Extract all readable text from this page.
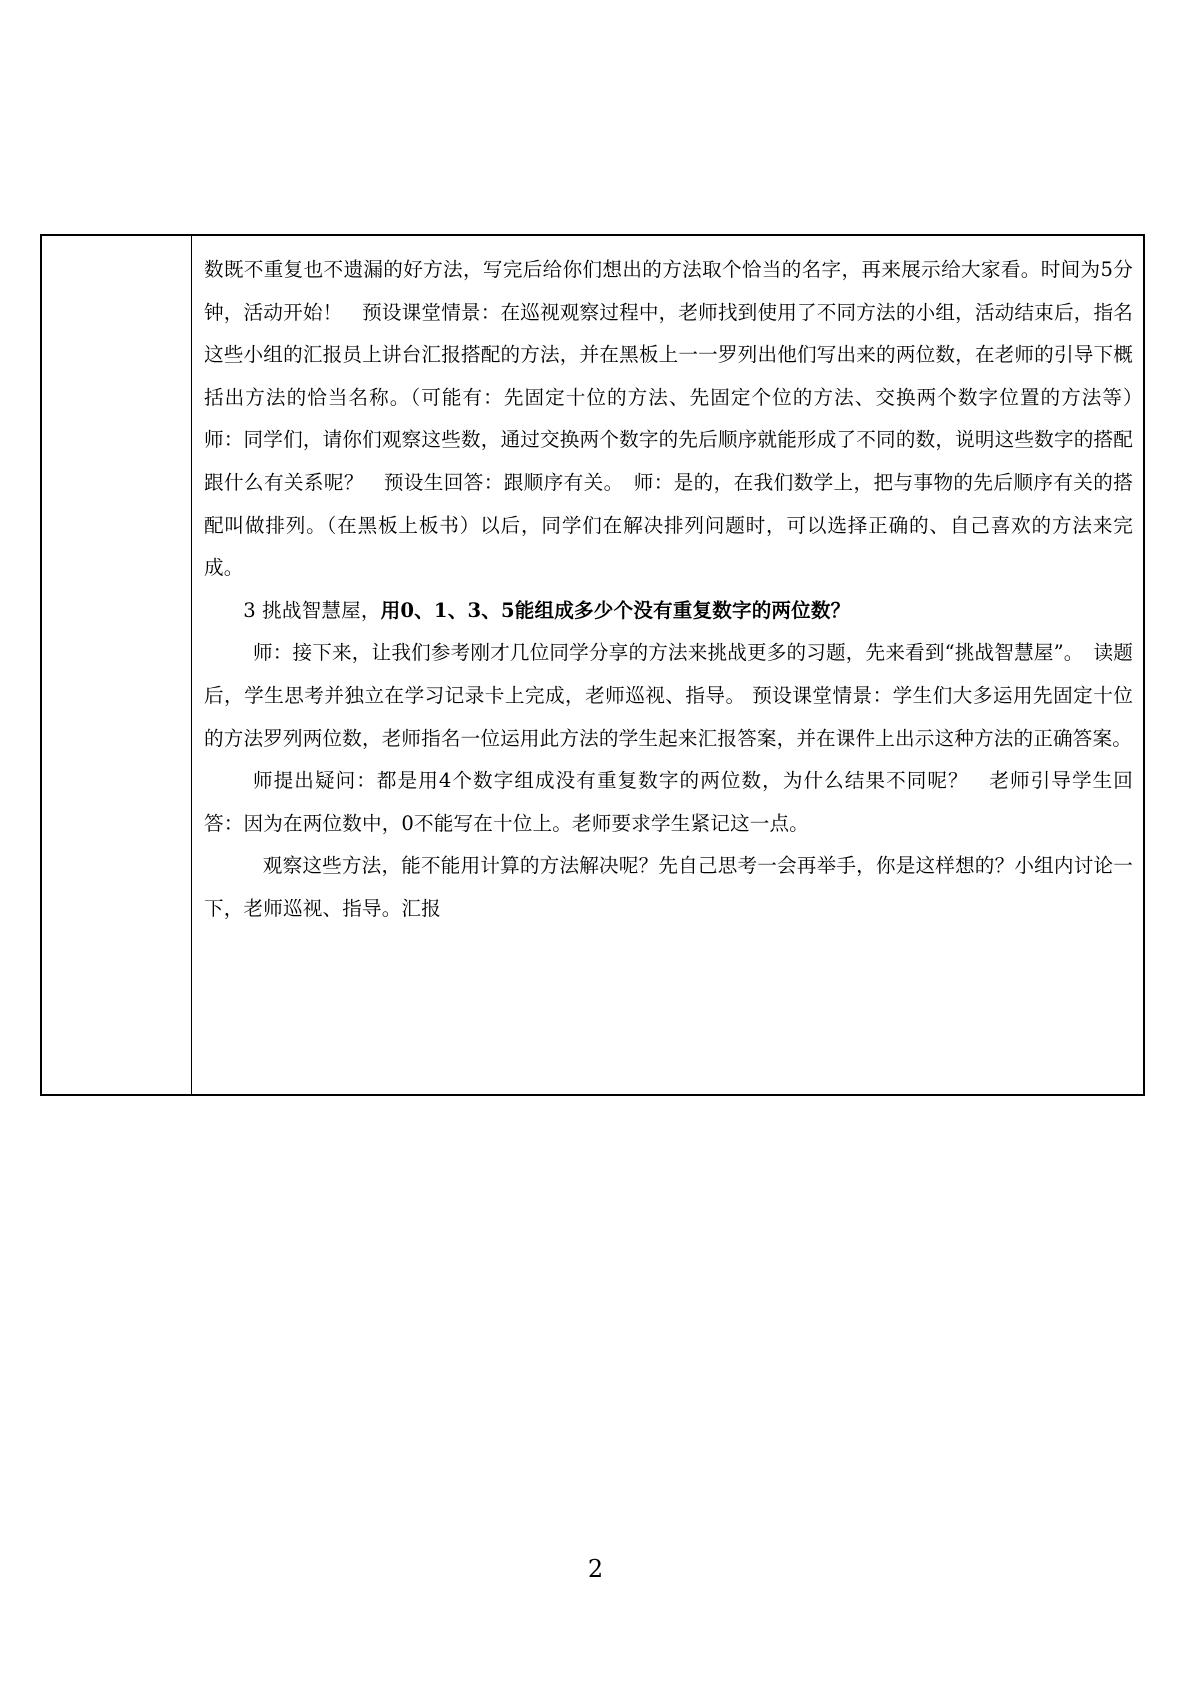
数既不重复也不遗漏的好方法，写完后给你们想出的方法取个恰当的名字，再来展示给大家看。时间为5分钟，活动开始！　预设课堂情景：在巡视观察过程中，老师找到使用了不同方法的小组，活动结束后，指名这些小组的汇报员上讲台汇报搭配的方法，并在黑板上一一罗列出他们写出来的两位数，在老师的引导下概括出方法的恰当名称。（可能有：先固定十位的方法、先固定个位的方法、交换两个数字位置的方法等）　师：同学们，请你们观察这些数，通过交换两个数字的先后顺序就能形成了不同的数，说明这些数字的搭配跟什么有关系呢？　预设生回答：跟顺序有关。　师：是的，在我们数学上，把与事物的先后顺序有关的搭配叫做排列。（在黑板上板书）以后，同学们在解决排列问题时，可以选择正确的、自己喜欢的方法来完成。

3 挑战智慧屋，用0、1、3、5能组成多少个没有重复数字的两位数？

师：接下来，让我们参考刚才几位同学分享的方法来挑战更多的习题，先来看到“挑战智慧屋”。　读题后，学生思考并独立在学习记录卡上完成，老师巡视、指导。 预设课堂情景：学生们大多运用先固定十位的方法罗列两位数，老师指名一位运用此方法的学生起来汇报答案，并在课件上出示这种方法的正确答案。

师提出疑问：都是用4个数字组成没有重复数字的两位数，为什么结果不同呢？　老师引导学生回答：因为在两位数中，0不能写在十位上。老师要求学生紧记这一点。

观察这些方法，能不能用计算的方法解决呢？先自己思考一会再举手，你是这样想的？小组内讨论一下，老师巡视、指导。汇报

2
